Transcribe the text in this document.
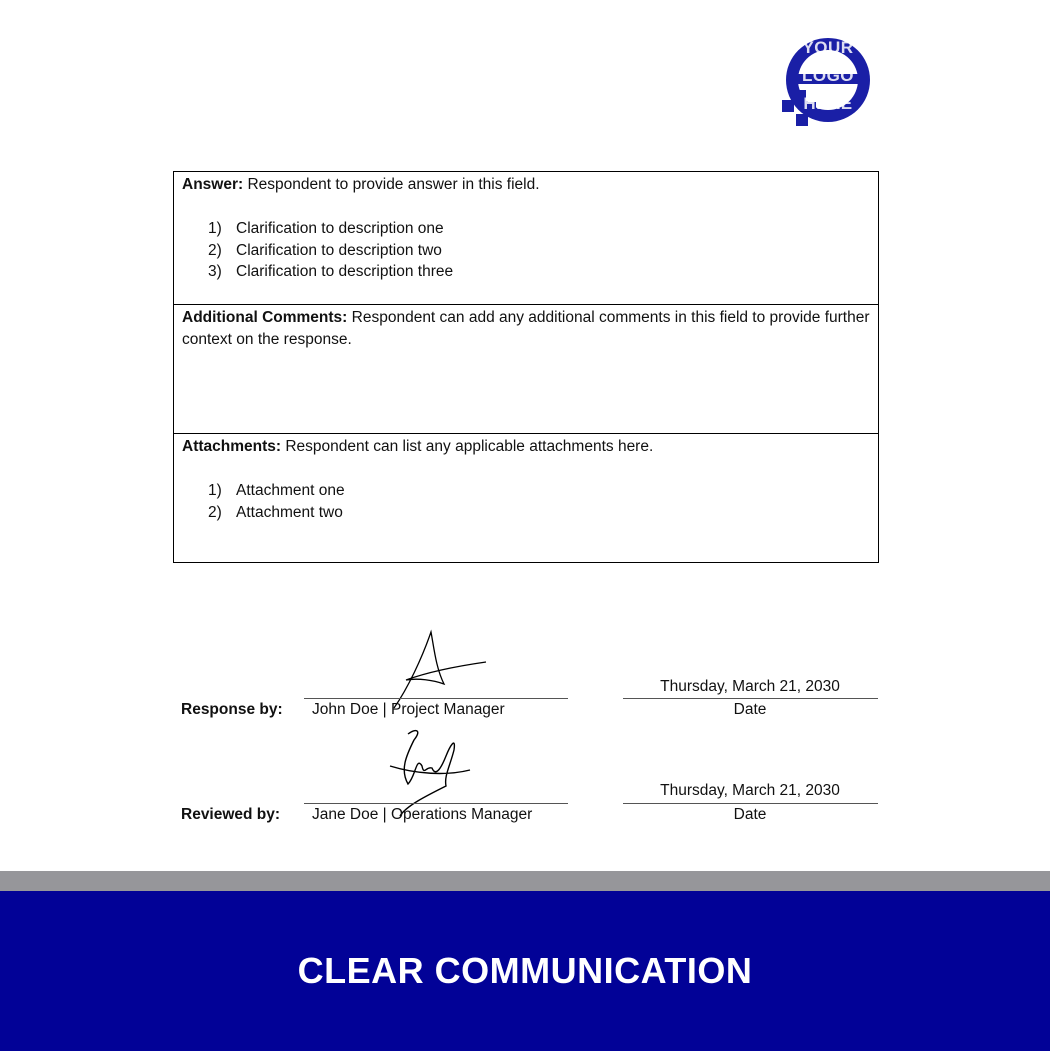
YOUR
LOGO
HERE
Answer: Respondent to provide answer in this field.
1) Clarification to description one
2) Clarification to description two
3) Clarification to description three
Additional Comments: Respondent can add any additional comments in this field to provide further context on the response.
Attachments: Respondent can list any applicable attachments here.
1) Attachment one
2) Attachment two
Response by: John Doe | Project Manager
Thursday, March 21, 2030
Date
Reviewed by: Jane Doe | Operations Manager
Thursday, March 21, 2030
Date
CLEAR COMMUNICATION
